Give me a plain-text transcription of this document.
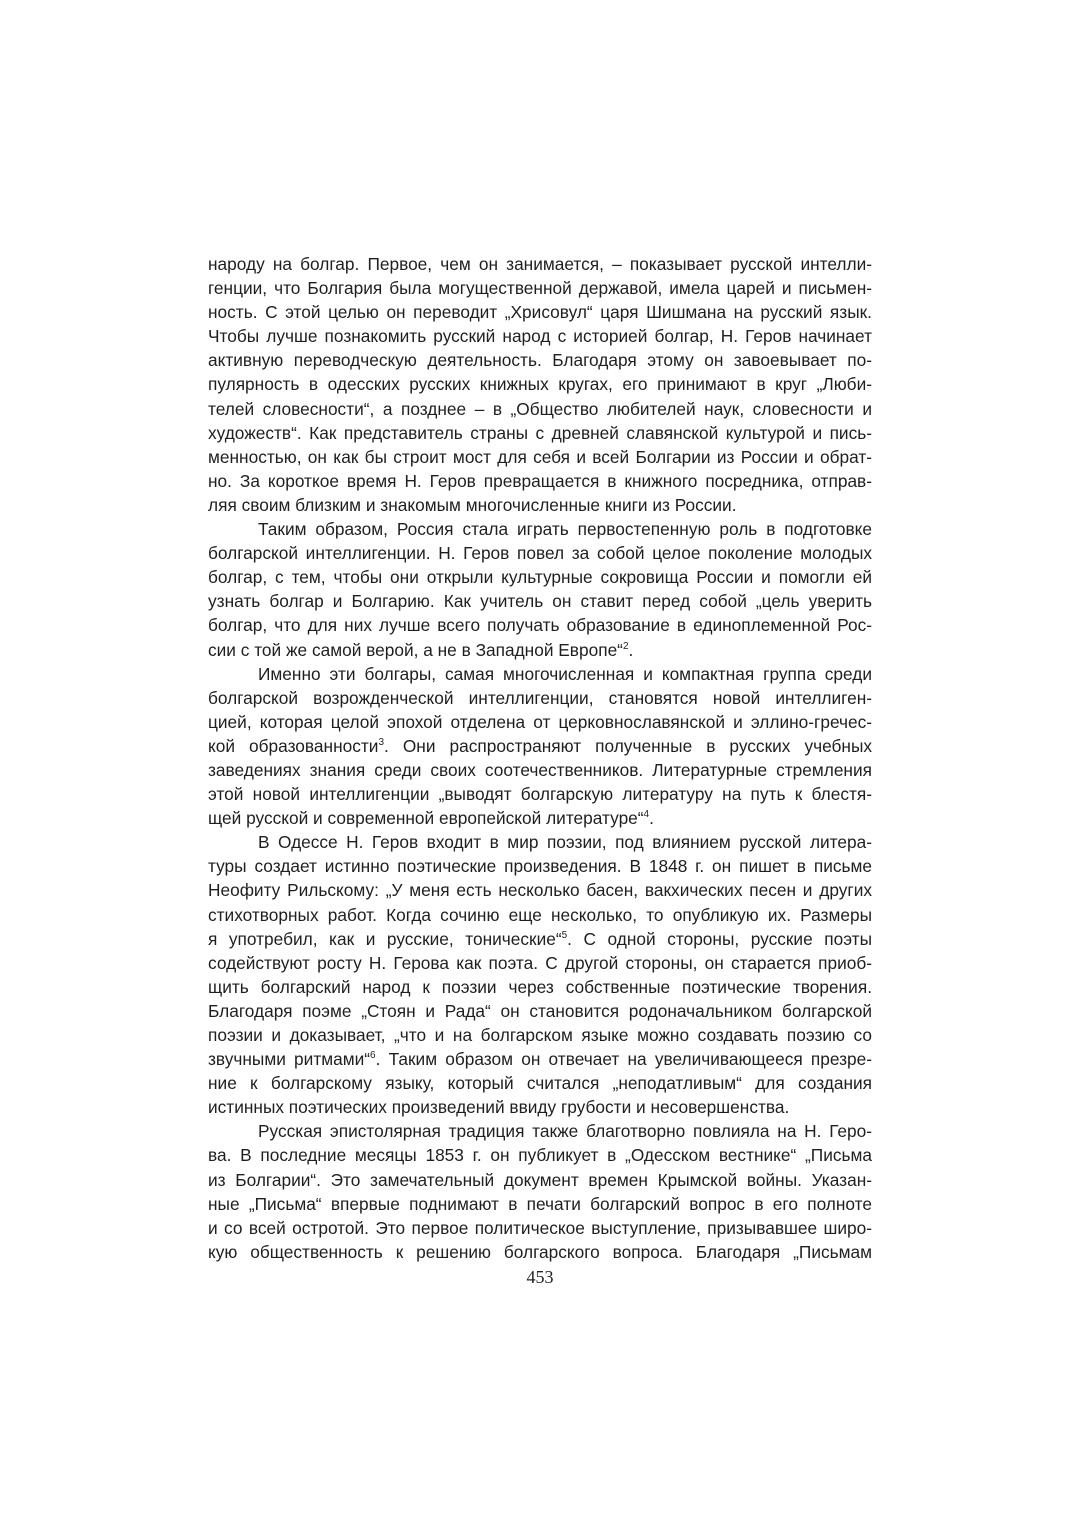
народу на болгар. Первое, чем он занимается, – показывает русской интелли-
генции, что Болгария была могущественной державой, имела царей и письмен-
ность. С этой целью он переводит „Хрисовул“ царя Шишмана на русский язык.
Чтобы лучше познакомить русский народ с историей болгар, Н. Геров начинает
активную переводческую деятельность. Благодаря этому он завоевывает по-
пулярность в одесских русских книжных кругах, его принимают в круг „Люби-
телей словесности“, а позднее – в „Общество любителей наук, словесности и
художеств“. Как представитель страны с древней славянской культурой и пись-
менностью, он как бы строит мост для себя и всей Болгарии из России и обрат-
но. За короткое время Н. Геров превращается в книжного посредника, отправ-
ляя своим близким и знакомым многочисленные книги из России.
Таким образом, Россия стала играть первостепенную роль в подготовке
болгарской интеллигенции. Н. Геров повел за собой целое поколение молодых
болгар, с тем, чтобы они открыли культурные сокровища России и помогли ей
узнать болгар и Болгарию. Как учитель он ставит перед собой „цель уверить
болгар, что для них лучше всего получать образование в единоплеменной Рос-
сии с той же самой верой, а не в Западной Европе“$^2$.
Именно эти болгары, самая многочисленная и компактная группа среди
болгарской возрожденческой интеллигенции, становятся новой интеллиген-
цией, которая целой эпохой отделена от церковнославянской и эллино-гречес-
кой образованности$^3$. Они распространяют полученные в русских учебных
заведениях знания среди своих соотечественников. Литературные стремления
этой новой интеллигенции „выводят болгарскую литературу на путь к блестя-
щей русской и современной европейской литературе“$^4$.
В Одессе Н. Геров входит в мир поэзии, под влиянием русской литера-
туры создает истинно поэтические произведения. В 1848 г. он пишет в письме
Неофиту Рильскому: „У меня есть несколько басен, вакхических песен и других
стихотворных работ. Когда сочиню еще несколько, то опубликую их. Размеры
я употребил, как и русские, тонические“$^5$. С одной стороны, русские поэты
содействуют росту Н. Герова как поэта. С другой стороны, он старается приоб-
щить болгарский народ к поэзии через собственные поэтические творения.
Благодаря поэме „Стоян и Рада“ он становится родоначальником болгарской
поэзии и доказывает, „что и на болгарском языке можно создавать поэзию со
звучными ритмами“$^6$. Таким образом он отвечает на увеличивающееся презре-
ние к болгарскому языку, который считался „неподатливым“ для создания
истинных поэтических произведений ввиду грубости и несовершенства.
Русская эпистолярная традиция также благотворно повлияла на Н. Геро-
ва. В последние месяцы 1853 г. он публикует в „Одесском вестнике“ „Письма
из Болгарии“. Это замечательный документ времен Крымской войны. Указан-
ные „Письма“ впервые поднимают в печати болгарский вопрос в его полноте
и со всей остротой. Это первое политическое выступление, призывавшее широ-
кую общественность к решению болгарского вопроса. Благодаря „Письмам
453
